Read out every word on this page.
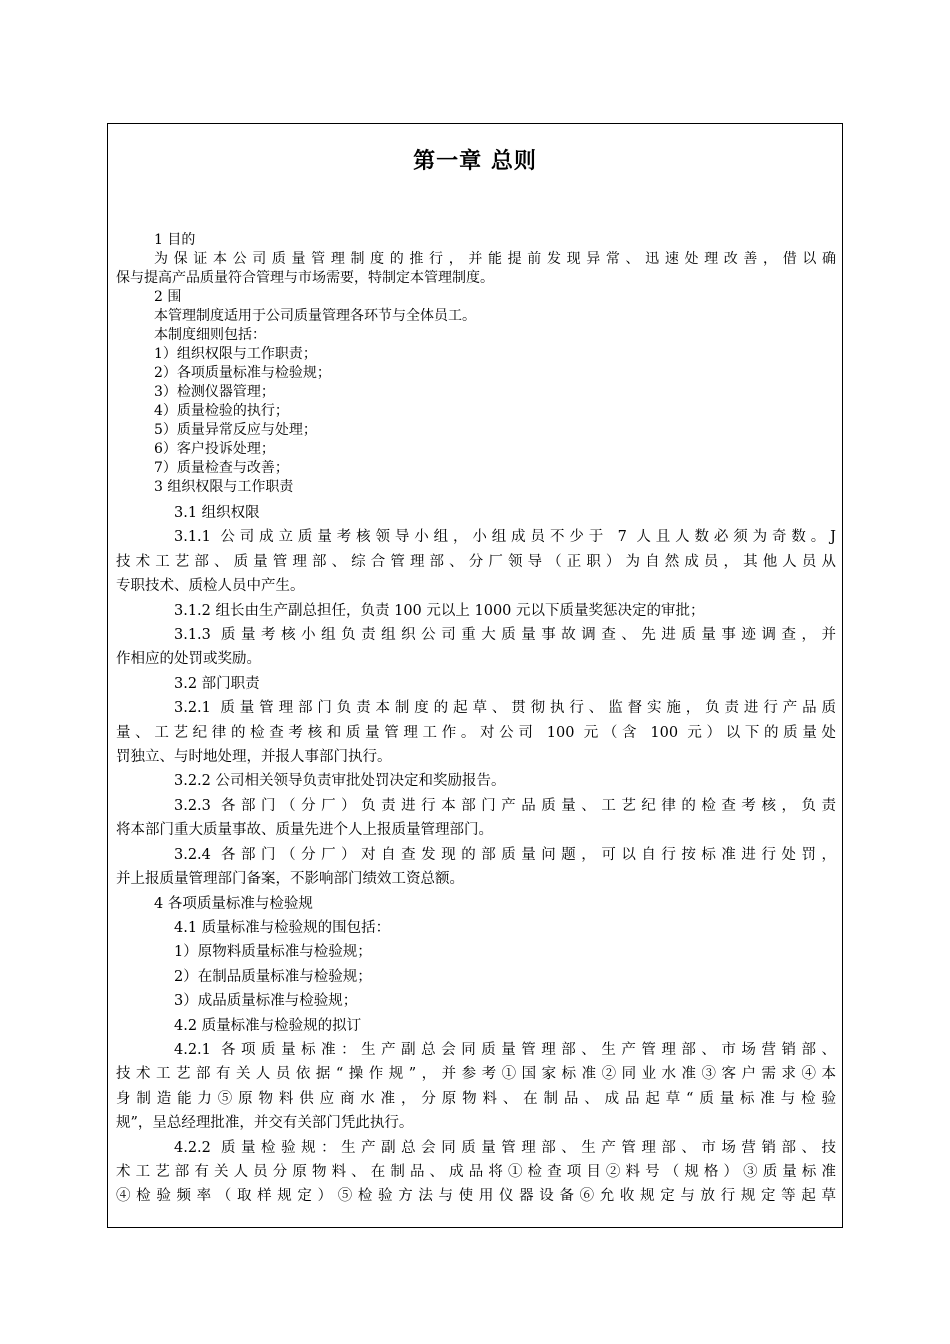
第一章 总则

1 目的

为保证本公司质量管理制度的推行，并能提前发现异常、迅速处理改善，借以确

保与提高产品质量符合管理与市场需要，特制定本管理制度。

2 围

本管理制度适用于公司质量管理各环节与全体员工。

本制度细则包括：

1）组织权限与工作职责；

2）各项质量标准与检验规；

3）检测仪器管理；

4）质量检验的执行；

5）质量异常反应与处理；

6）客户投诉处理；

7）质量检查与改善；

3 组织权限与工作职责

3.1 组织权限

3.1.1 公司成立质量考核领导小组，小组成员不少于 7 人且人数必须为奇数。J

技术工艺部、质量管理部、综合管理部、分厂领导（正职）为自然成员，其他人员从

专职技术、质检人员中产生。

3.1.2 组长由生产副总担任，负责 100 元以上 1000 元以下质量奖惩决定的审批；

3.1.3 质量考核小组负责组织公司重大质量事故调查、先进质量事迹调查，并

作相应的处罚或奖励。

3.2 部门职责

3.2.1 质量管理部门负责本制度的起草、贯彻执行、监督实施，负责进行产品质

量、工艺纪律的检查考核和质量管理工作。对公司 100 元（含 100 元）以下的质量处

罚独立、与时地处理，并报人事部门执行。

3.2.2 公司相关领导负责审批处罚决定和奖励报告。

3.2.3 各部门（分厂）负责进行本部门产品质量、工艺纪律的检查考核，负责

将本部门重大质量事故、质量先进个人上报质量管理部门。

3.2.4 各部门（分厂）对自查发现的部质量问题，可以自行按标准进行处罚，

并上报质量管理部门备案，不影响部门绩效工资总额。

4 各项质量标准与检验规

4.1 质量标准与检验规的围包括：

1）原物料质量标准与检验规；

2）在制品质量标准与检验规；

3）成品质量标准与检验规；

4.2 质量标准与检验规的拟订

4.2.1 各项质量标准：生产副总会同质量管理部、生产管理部、市场营销部、

技术工艺部有关人员依据“操作规”，并参考①国家标准②同业水准③客户需求④本

身制造能力⑤原物料供应商水准，分原物料、在制品、成品起草“质量标准与检验

规”，呈总经理批准，并交有关部门凭此执行。

4.2.2 质量检验规：生产副总会同质量管理部、生产管理部、市场营销部、技

术工艺部有关人员分原物料、在制品、成品将①检查项目②料号（规格）③质量标准

④检验频率（取样规定）⑤检验方法与使用仪器设备⑥允收规定与放行规定等起草
